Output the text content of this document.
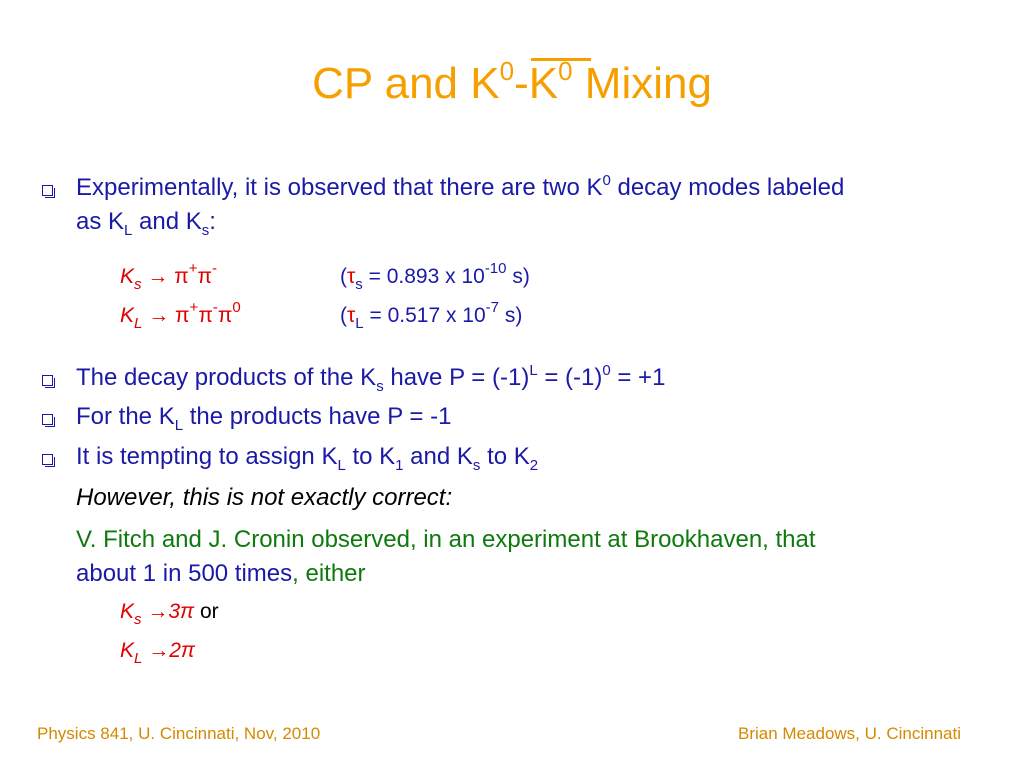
CP and $K^0-K^0$ Mixing
Experimentally, it is observed that there are two $K^0$ decay modes labeled
as $K_L$ and $K_s$:
$K_s \to \pi^+\pi^-$	($\tau_s = 0.893$ x $10^{-10}$ s)
$K_L \to \pi^+\pi^-\pi^0$	($\tau_L = 0.517$ x $10^{-7}$ s)
The decay products of the $K_s$ have $P = (-1)^L = (-1)^0 = +1$
For the $K_L$ the products have P = -1
It is tempting to assign $K_L$ to $K_1$ and $K_s$ to $K_2$
However, this is not exactly correct:
V. Fitch and J. Cronin observed, in an experiment at Brookhaven, that
about 1 in 500 times, either
$K_s \to 3\pi$ or
$K_L \to 2\pi$
Physics 841, U. Cincinnati, Nov, 2010	Brian Meadows, U. Cincinnati
